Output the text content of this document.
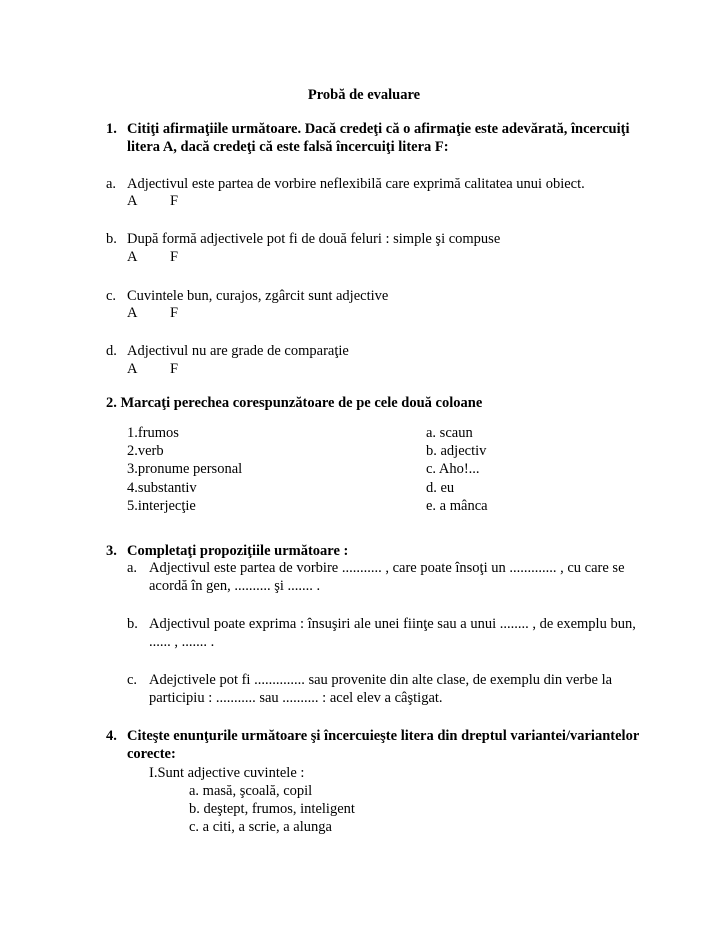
Probă de evaluare
1. Citiţi afirmaţiile următoare. Dacă credeţi că o afirmaţie este adevărată, încercuiţi
litera A, dacă credeţi că este falsă încercuiţi litera F:
a. Adjectivul este partea de vorbire neflexibilă care exprimă calitatea unui obiect.
A F
b. După formă adjectivele pot fi de două feluri : simple şi compuse
A F
c. Cuvintele bun, curajos, zgârcit sunt adjective
A F
d. Adjectivul nu are grade de comparaţie
A F
2. Marcaţi perechea corespunzătoare de pe cele două coloane
1.frumos
2.verb
3.pronume personal
4.substantiv
5.interjecţie
a. scaun
b. adjectiv
c. Aho!...
d. eu
e. a mânca
3. Completaţi propoziţiile următoare :
a. Adjectivul este partea de vorbire ........... , care poate însoţi un ............. , cu care se
acordă în gen, .......... şi ....... .
b. Adjectivul poate exprima : însuşiri ale unei fiinţe sau a unui ........ , de exemplu bun,
...... , ....... .
c. Adejctivele pot fi .............. sau provenite din alte clase, de exemplu din verbe la
participiu : ........... sau .......... : acel elev a câştigat.
4. Citeşte enunţurile următoare şi încercuieşte litera din dreptul variantei/variantelor
corecte:
I.Sunt adjective cuvintele :
a. masă, şcoală, copil
b. deştept, frumos, inteligent
c. a citi, a scrie, a alunga
